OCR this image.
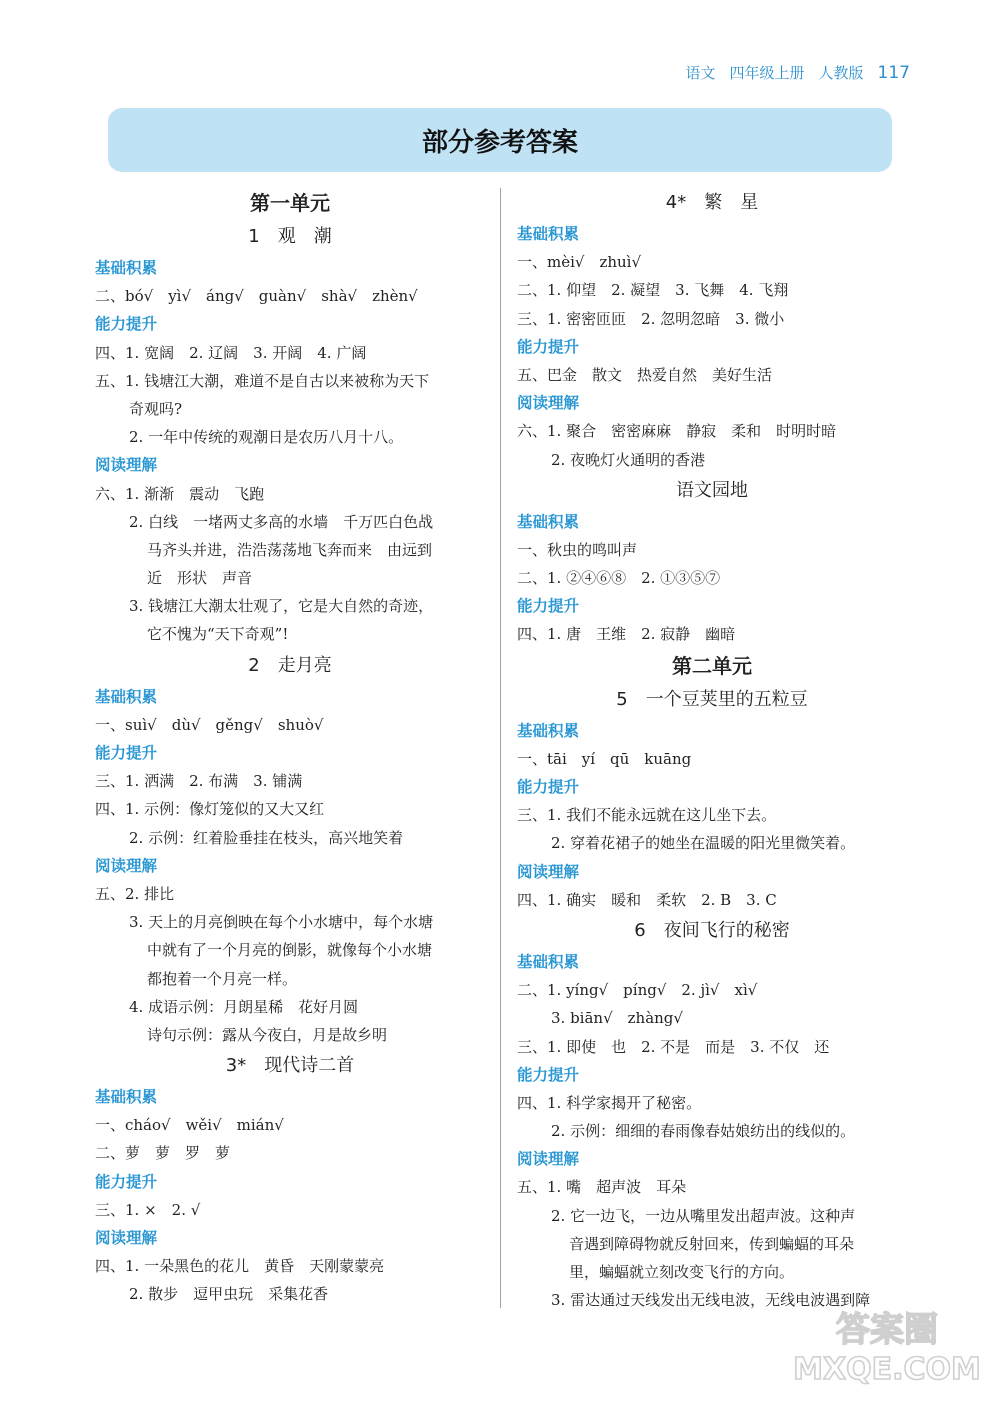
语文 四年级上册 人教版 117
部分参考答案
第一单元
1　观　潮
基础积累
二、bó√　yì√　áng√　guàn√　shà√　zhèn√
能力提升
四、1. 宽阔　2. 辽阔　3. 开阔　4. 广阔
五、1. 钱塘江大潮，难道不是自古以来被称为天下
奇观吗?
2. 一年中传统的观潮日是农历八月十八。
阅读理解
六、1. 渐渐　震动　飞跑
2. 白线　一堵两丈多高的水墙　千万匹白色战
马齐头并进，浩浩荡荡地飞奔而来　由远到
近　形状　声音
3. 钱塘江大潮太壮观了，它是大自然的奇迹，
它不愧为“天下奇观”!
2　走月亮
基础积累
一、suì√　dù√　gěng√　shuò√
能力提升
三、1. 洒满　2. 布满　3. 铺满
四、1. 示例：像灯笼似的又大又红
2. 示例：红着脸垂挂在枝头，高兴地笑着
阅读理解
五、2. 排比
3. 天上的月亮倒映在每个小水塘中，每个水塘
中就有了一个月亮的倒影，就像每个小水塘
都抱着一个月亮一样。
4. 成语示例：月朗星稀　花好月圆
诗句示例：露从今夜白，月是故乡明
3*　现代诗二首
基础积累
一、cháo√　wěi√　mián√
二、萝　萝　罗　萝
能力提升
三、1. ×　2. √
阅读理解
四、1. 一朵黑色的花儿　黄昏　天刚蒙蒙亮
2. 散步　逗甲虫玩　采集花香
4*　繁　星
基础积累
一、mèi√　zhuì√
二、1. 仰望　2. 凝望　3. 飞舞　4. 飞翔
三、1. 密密匝匝　2. 忽明忽暗　3. 微小
能力提升
五、巴金　散文　热爱自然　美好生活
阅读理解
六、1. 聚合　密密麻麻　静寂　柔和　时明时暗
2. 夜晚灯火通明的香港
语文园地
基础积累
一、秋虫的鸣叫声
二、1. ②④⑥⑧　2. ①③⑤⑦
能力提升
四、1. 唐　王维　2. 寂静　幽暗
第二单元
5　一个豆荚里的五粒豆
基础积累
一、tāi　yí　qū　kuāng
能力提升
三、1. 我们不能永远就在这儿坐下去。
2. 穿着花裙子的她坐在温暖的阳光里微笑着。
阅读理解
四、1. 确实　暖和　柔软　2. B　3. C
6　夜间飞行的秘密
基础积累
二、1. yíng√　píng√　2. jì√　xì√
3. biān√　zhàng√
三、1. 即使　也　2. 不是　而是　3. 不仅　还
能力提升
四、1. 科学家揭开了秘密。
2. 示例：细细的春雨像春姑娘纺出的线似的。
阅读理解
五、1. 嘴　超声波　耳朵
2. 它一边飞，一边从嘴里发出超声波。这种声
音遇到障碍物就反射回来，传到蝙蝠的耳朵
里，蝙蝠就立刻改变飞行的方向。
3. 雷达通过天线发出无线电波，无线电波遇到障
答案圈
MXQE.COM
